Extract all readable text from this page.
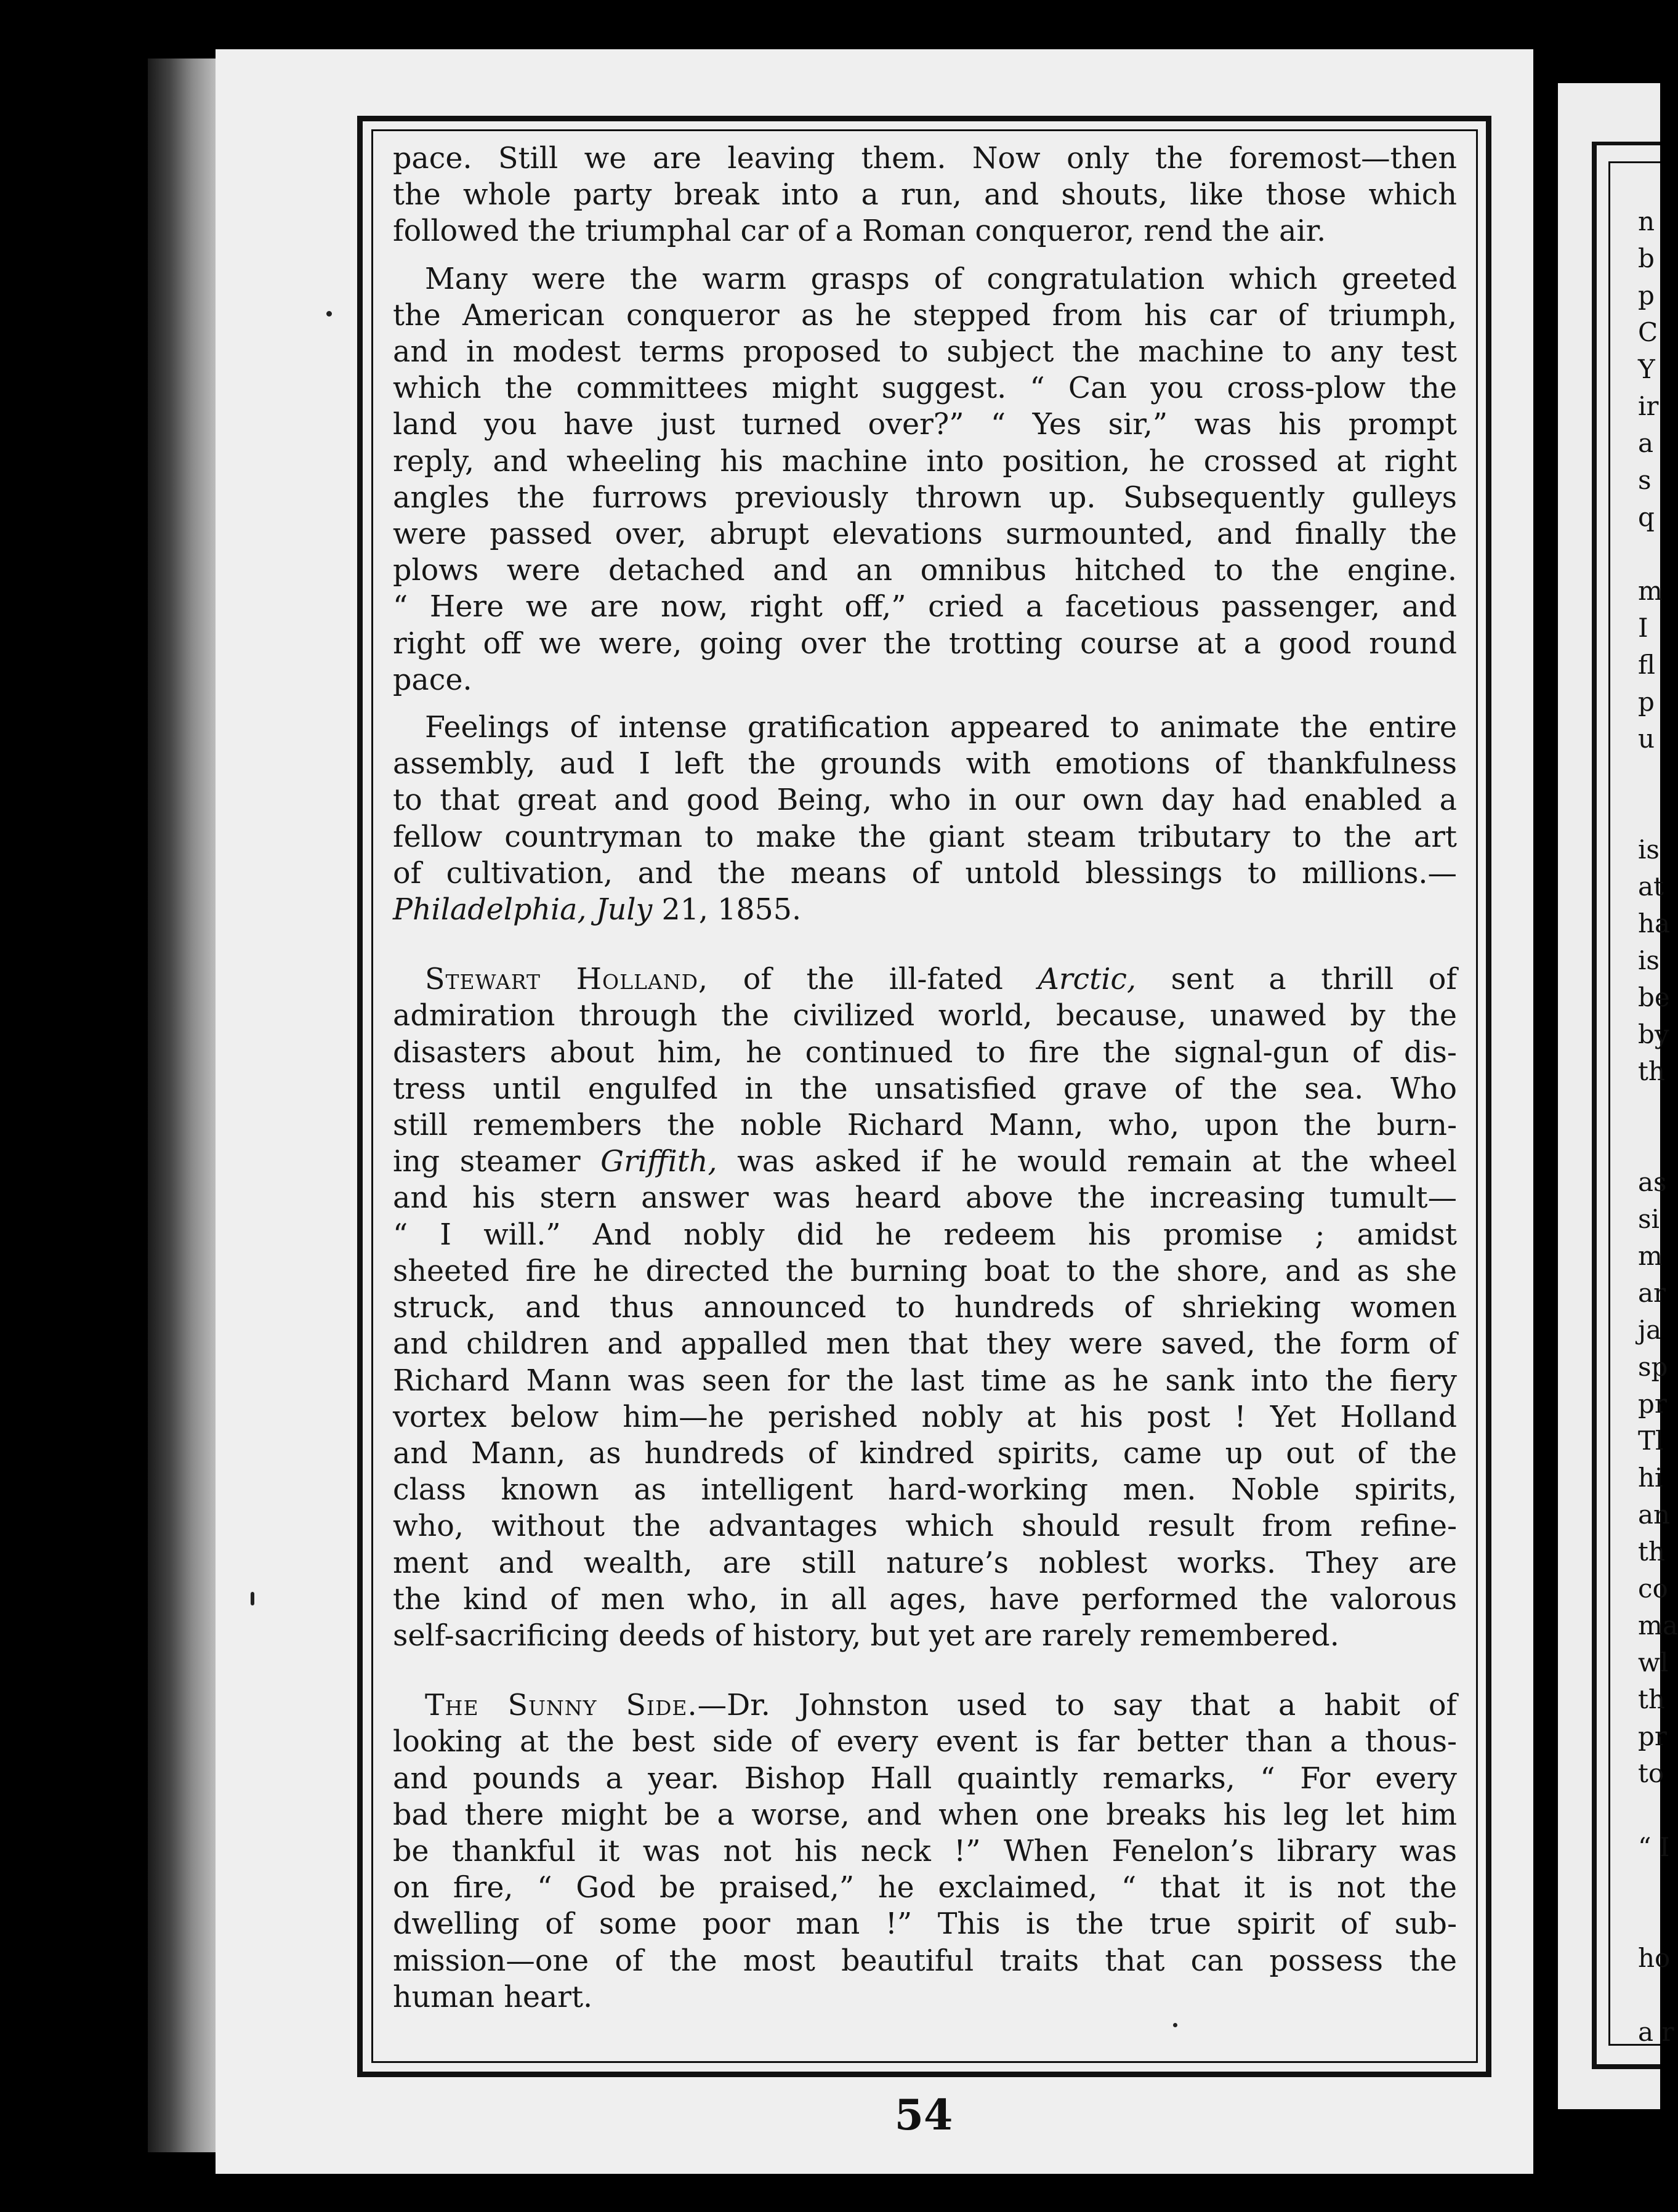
n
b
p
C
Y
ir
a
s
q

m
I
fl
p
u

is
at
ha
is
be
by
th

as
si
m
ar
ja
sp
pr
Tl
hi
an
th
co
ma
wl
th
pr
to

“ I

ho

a r

pace. Still we are leaving them. Now only the foremost—then
the whole party break into a run, and shouts, like those which
followed the triumphal car of a Roman conqueror, rend the air.

Many were the warm grasps of congratulation which greeted
the American conqueror as he stepped from his car of triumph,
and in modest terms proposed to subject the machine to any test
which the committees might suggest. “ Can you cross-plow the
land you have just turned over?” “ Yes sir,” was his prompt
reply, and wheeling his machine into position, he crossed at right
angles the furrows previously thrown up. Subsequently gulleys
were passed over, abrupt elevations surmounted, and finally the
plows were detached and an omnibus hitched to the engine.
“ Here we are now, right off,” cried a facetious passenger, and
right off we were, going over the trotting course at a good round
pace.

Feelings of intense gratification appeared to animate the entire
assembly, aud I left the grounds with emotions of thankfulness
to that great and good Being, who in our own day had enabled a
fellow countryman to make the giant steam tributary to the art
of cultivation, and the means of untold blessings to millions.—
Philadelphia, July 21, 1855.

Stewart Holland, of the ill-fated Arctic, sent a thrill of
admiration through the civilized world, because, unawed by the
disasters about him, he continued to fire the signal-gun of dis-
tress until engulfed in the unsatisfied grave of the sea. Who
still remembers the noble Richard Mann, who, upon the burn-
ing steamer Griffith, was asked if he would remain at the wheel
and his stern answer was heard above the increasing tumult—
“ I will.” And nobly did he redeem his promise ; amidst
sheeted fire he directed the burning boat to the shore, and as she
struck, and thus announced to hundreds of shrieking women
and children and appalled men that they were saved, the form of
Richard Mann was seen for the last time as he sank into the fiery
vortex below him—he perished nobly at his post ! Yet Holland
and Mann, as hundreds of kindred spirits, came up out of the
class known as intelligent hard-working men. Noble spirits,
who, without the advantages which should result from refine-
ment and wealth, are still nature’s noblest works. They are
the kind of men who, in all ages, have performed the valorous
self-sacrificing deeds of history, but yet are rarely remembered.

The Sunny Side.—Dr. Johnston used to say that a habit of
looking at the best side of every event is far better than a thous-
and pounds a year. Bishop Hall quaintly remarks, “ For every
bad there might be a worse, and when one breaks his leg let him
be thankful it was not his neck !” When Fenelon’s library was
on fire, “ God be praised,” he exclaimed, “ that it is not the
dwelling of some poor man !” This is the true spirit of sub-
mission—one of the most beautiful traits that can possess the
human heart.

54
